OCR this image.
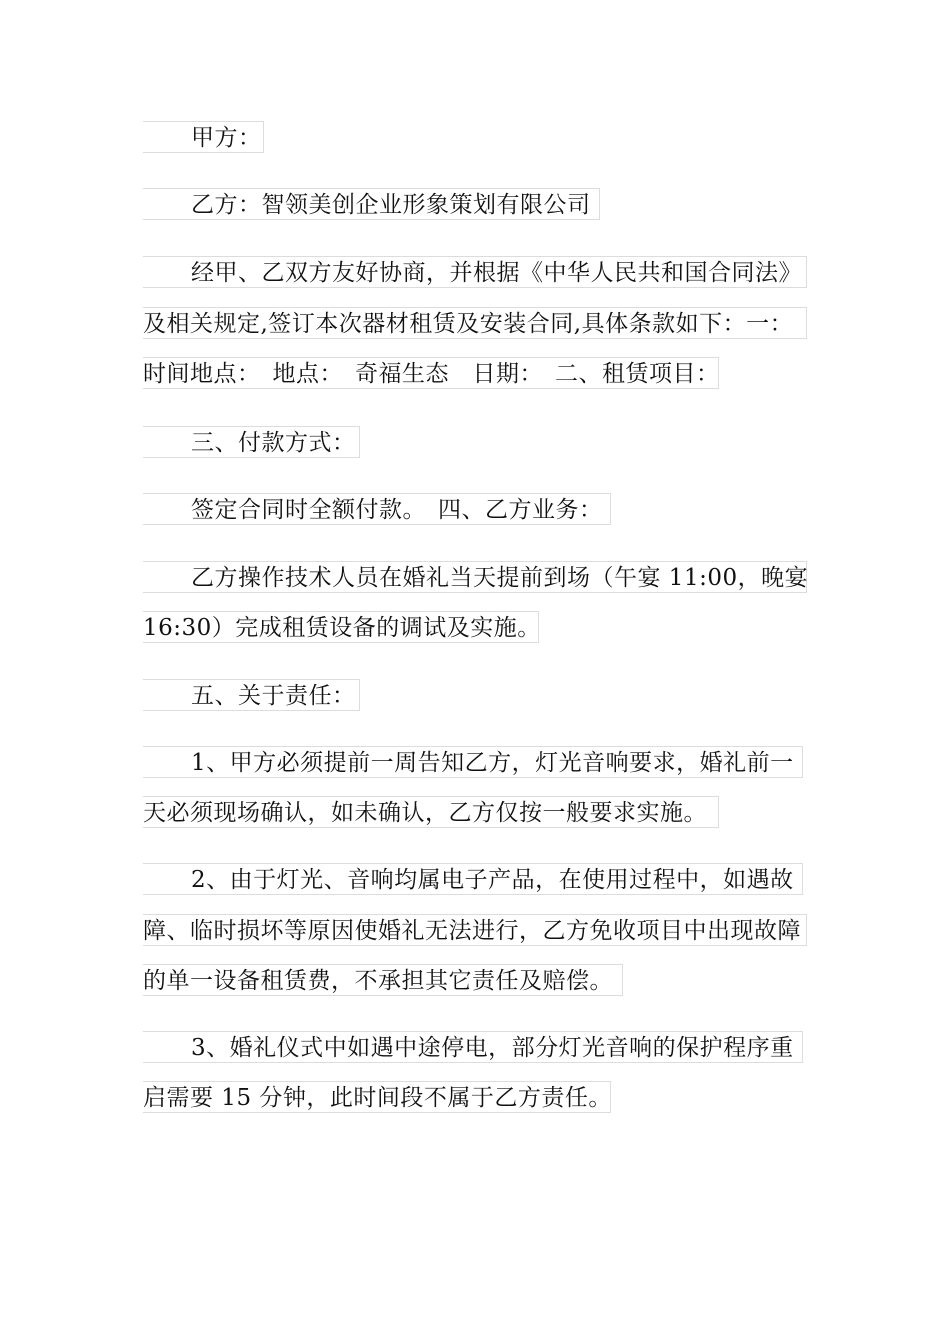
甲方：
乙方：智领美创企业形象策划有限公司
经甲、乙双方友好协商，并根据《中华人民共和国合同法》
及相关规定,签订本次器材租赁及安装合同,具体条款如下：一：
时间地点：　地点：　奇福生态　日期：　二、租赁项目：
三、付款方式：
签定合同时全额付款。　四、乙方业务：
乙方操作技术人员在婚礼当天提前到场（午宴 11:00，晚宴
16:30）完成租赁设备的调试及实施。
五、关于责任：
1、甲方必须提前一周告知乙方，灯光音响要求，婚礼前一
天必须现场确认，如未确认，乙方仅按一般要求实施。
2、由于灯光、音响均属电子产品，在使用过程中，如遇故
障、临时损坏等原因使婚礼无法进行，乙方免收项目中出现故障
的单一设备租赁费，不承担其它责任及赔偿。
3、婚礼仪式中如遇中途停电，部分灯光音响的保护程序重
启需要 15 分钟，此时间段不属于乙方责任。
